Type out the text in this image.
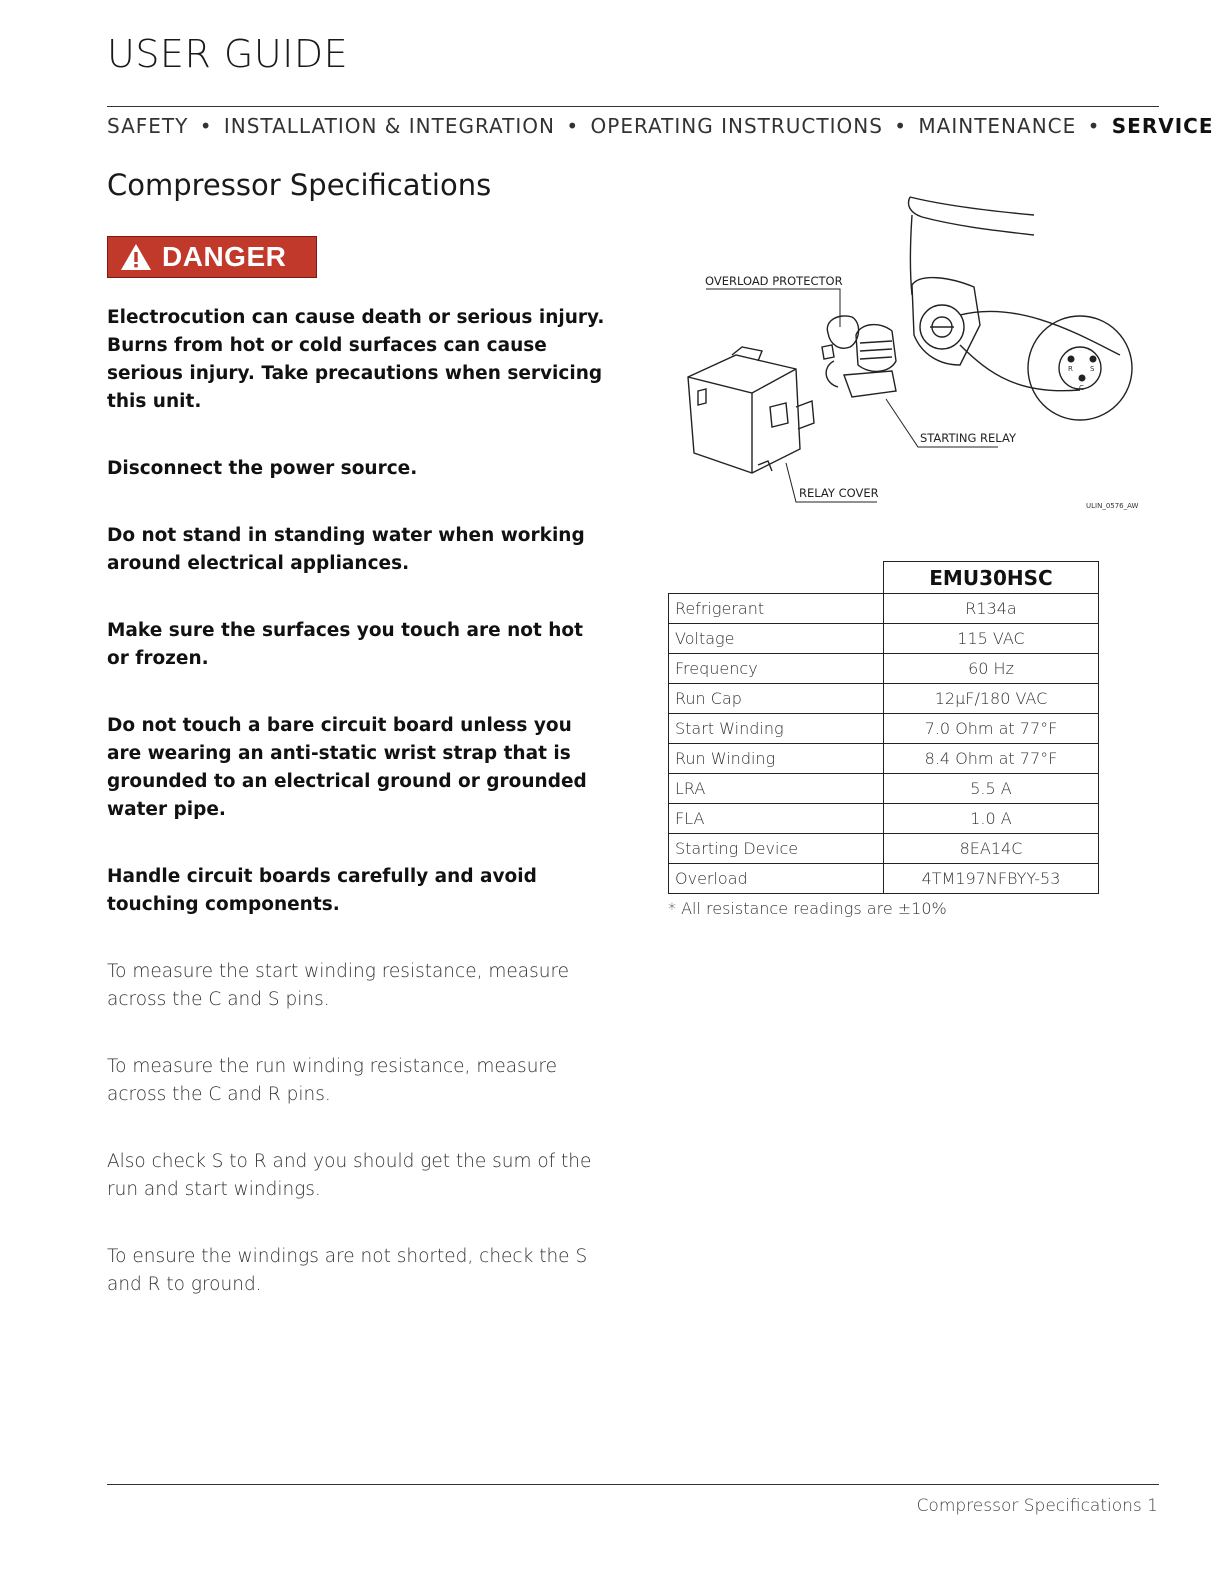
USER GUIDE
SAFETY • INSTALLATION & INTEGRATION • OPERATING INSTRUCTIONS • MAINTENANCE • SERVICE
Compressor Specifications
DANGER

Electrocution can cause death or serious injury. Burns from hot or cold surfaces can cause serious injury. Take precautions when servicing this unit.

Disconnect the power source.

Do not stand in standing water when working around electrical appliances.

Make sure the surfaces you touch are not hot or frozen.

Do not touch a bare circuit board unless you are wearing an anti-static wrist strap that is grounded to an electrical ground or grounded water pipe.

Handle circuit boards carefully and avoid touching components.

To measure the start winding resistance, measure across the C and S pins.

To measure the run winding resistance, measure across the C and R pins.

Also check S to R and you should get the sum of the run and start windings.

To ensure the windings are not shorted, check the S and R to ground.

OVERLOAD PROTECTOR
STARTING RELAY
RELAY COVER
R S
C
ULIN_0576_AW
	EMU30HSC
Refrigerant	R134a
Voltage	115 VAC
Frequency	60 Hz
Run Cap	12µF/180 VAC
Start Winding	7.0 Ohm at 77°F
Run Winding	8.4 Ohm at 77°F
LRA	5.5 A
FLA	1.0 A
Starting Device	8EA14C
Overload	4TM197NFBYY-53
* All resistance readings are ±10%
Compressor Specifications 1
